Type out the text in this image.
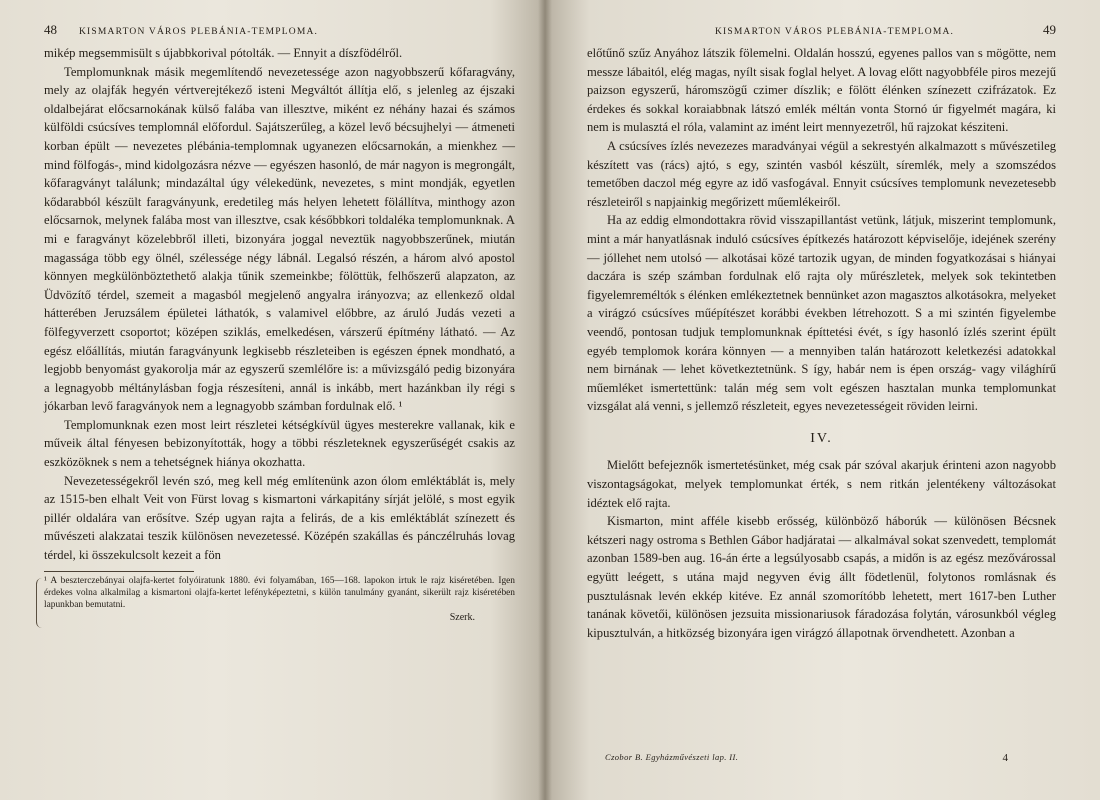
48 KISMARTON VÁROS PLEBÁNIA-TEMPLOMA.

mikép megsemmisült s újabbkorival pótolták. — Ennyit a díszfödélről.

Templomunknak másik megemlítendő nevezetessége azon nagyobbszerű kőfaragvány, mely az olajfák hegyén vértverejtékező isteni Megváltót állítja elő, s jelenleg az éjszaki oldalbejárat előcsarnokának külső falába van illesztve, miként ez néhány hazai és számos külföldi csúcsíves templomnál előfordul. Sajátszerűleg, a közel levő bécsujhelyi — átmeneti korban épült — nevezetes plébánia-templomnak ugyanezen előcsarnokán, a mienkhez — mind fölfogás-, mind kidolgozásra nézve — egyészen hasonló, de már nagyon is megrongált, kőfaragványt találunk; mindazáltal úgy vélekedünk, nevezetes, s mint mondják, egyetlen kődarabból készült faragványunk, eredetileg más helyen lehetett fölállítva, minthogy azon előcsarnok, melynek falába most van illesztve, csak későbbkori toldaléka templomunknak. A mi e faragványt közelebbről illeti, bizonyára joggal neveztük nagyobbszerűnek, miután magassága több egy ölnél, szélessége négy lábnál. Legalsó részén, a három alvó apostol könnyen megkülönböztethető alakja tűnik szemeinkbe; fölöttük, felhőszerű alapzaton, az Üdvözítő térdel, szemeit a magasból megjelenő angyalra irányozva; az ellenkező oldal hátterében Jeruzsálem épületei láthatók, s valamivel előbbre, az áruló Judás vezeti a fölfegyverzett csoportot; középen sziklás, emelkedésen, várszerű építmény látható. — Az egész előállítás, miután faragványunk legkisebb részleteiben is egészen épnek mondható, a legjobb benyomást gyakorolja már az egyszerű szemlélőre is: a művizsgáló pedig bizonyára a legnagyobb méltánylásban fogja részesíteni, annál is inkább, mert hazánkban ily régi s jókarban levő faragványok nem a legnagyobb számban fordulnak elő. ¹

Templomunknak ezen most leirt részletei kétségkívül ügyes mesterekre vallanak, kik e műveik által fényesen bebizonyították, hogy a többi részleteknek egyszerűségét csakis az eszközöknek s nem a tehetségnek hiánya okozhatta.

Nevezetességekről levén szó, meg kell még említenünk azon ólom emléktáblát is, mely az 1515-ben elhalt Veit von Fürst lovag s kismartoni várkapitány sírját jelölé, s most egyik pillér oldalára van erősítve. Szép ugyan rajta a felirás, de a kis emléktáblát színezett és művészeti alakzatai teszik különösen nevezetessé. Középén szakállas és pánczélruhás lovag térdel, ki összekulcsolt kezeit a fön

¹ A beszterczebányai olajfa-kertet folyóiratunk 1880. évi folyamában, 165—168. lapokon irtuk le rajz kiséretében. Igen érdekes volna alkalmilag a kismartoni olajfa-kertet lefényképeztetni, s külön tanulmány gyanánt, sikerült rajz kiséretében lapunkban bemutatni.
Szerk.
KISMARTON VÁROS PLEBÁNIA-TEMPLOMA.	49

előtűnő szűz Anyához látszik fölemelni. Oldalán hosszú, egyenes pallos van s mögötte, nem messze lábaitól, elég magas, nyílt sisak foglal helyet. A lovag előtt nagyobbféle piros mezejű paizson egyszerű, háromszögű czimer díszlik; e fölött élénken színezett czifrázatok. Ez érdekes és sokkal koraiabbnak látszó emlék méltán vonta Stornó úr figyelmét magára, ki nem is mulasztá el róla, valamint az imént leirt mennyezetről, hű rajzokat késziteni.

A csúcsíves ízlés nevezezes maradványai végül a sekrestyén alkalmazott s művészetileg készített vas (rács) ajtó, s egy, szintén vasból készült, síremlék, mely a szomszédos temetőben daczol még egyre az idő vasfogával. Ennyit csúcsíves templomunk nevezetesebb részleteiről s napjainkig megőrizett műemlékeiről.

Ha az eddig elmondottakra rövid visszapillantást vetünk, látjuk, miszerint templomunk, mint a már hanyatlásnak induló csúcsíves építkezés határozott képviselője, idejének szerény — jóllehet nem utolsó — alkotásai közé tartozik ugyan, de minden fogyatkozásai s hiányai daczára is szép számban fordulnak elő rajta oly műrészletek, melyek sok tekintetben figyelemreméltók s élénken emlékeztetnek bennünket azon magasztos alkotásokra, melyeket a virágzó csúcsíves műépítészet korábbi években létrehozott. S a mi szintén figyelembe veendő, pontosan tudjuk templomunknak építtetési évét, s így hasonló ízlés szerint épült egyéb templomok korára könnyen — a mennyiben talán határozott keletkezési adatokkal nem birnának — lehet következtetnünk. S így, habár nem is épen ország- vagy világhírű műemléket ismertettünk: talán még sem volt egészen hasztalan munka templomunkat vizsgálat alá venni, s jellemző részleteit, egyes nevezetességeit röviden leirni.

IV.

Mielőtt befejeznők ismertetésünket, még csak pár szóval akarjuk érinteni azon nagyobb viszontagságokat, melyek templomunkat érték, s nem ritkán jelentékeny változásokat idéztek elő rajta.

Kismarton, mint afféle kisebb erősség, különböző háborúk — különösen Bécsnek kétszeri nagy ostroma s Bethlen Gábor hadjáratai — alkalmával sokat szenvedett, templomát azonban 1589-ben aug. 16-án érte a legsúlyosabb csapás, a midőn is az egész mezővárossal együtt leégett, s utána majd negyven évig állt födetlenül, folytonos romlásnak és pusztulásnak levén ekkép kitéve. Ez annál szomorítóbb lehetett, mert 1617-ben Luther tanának követői, különösen jezsuita missionariusok fáradozása folytán, városunkból végleg kipusztulván, a hitközség bizonyára igen virágzó állapotnak örvendhetett. Azonban a

Czobor B. Egyházművészeti lap. II.	4
